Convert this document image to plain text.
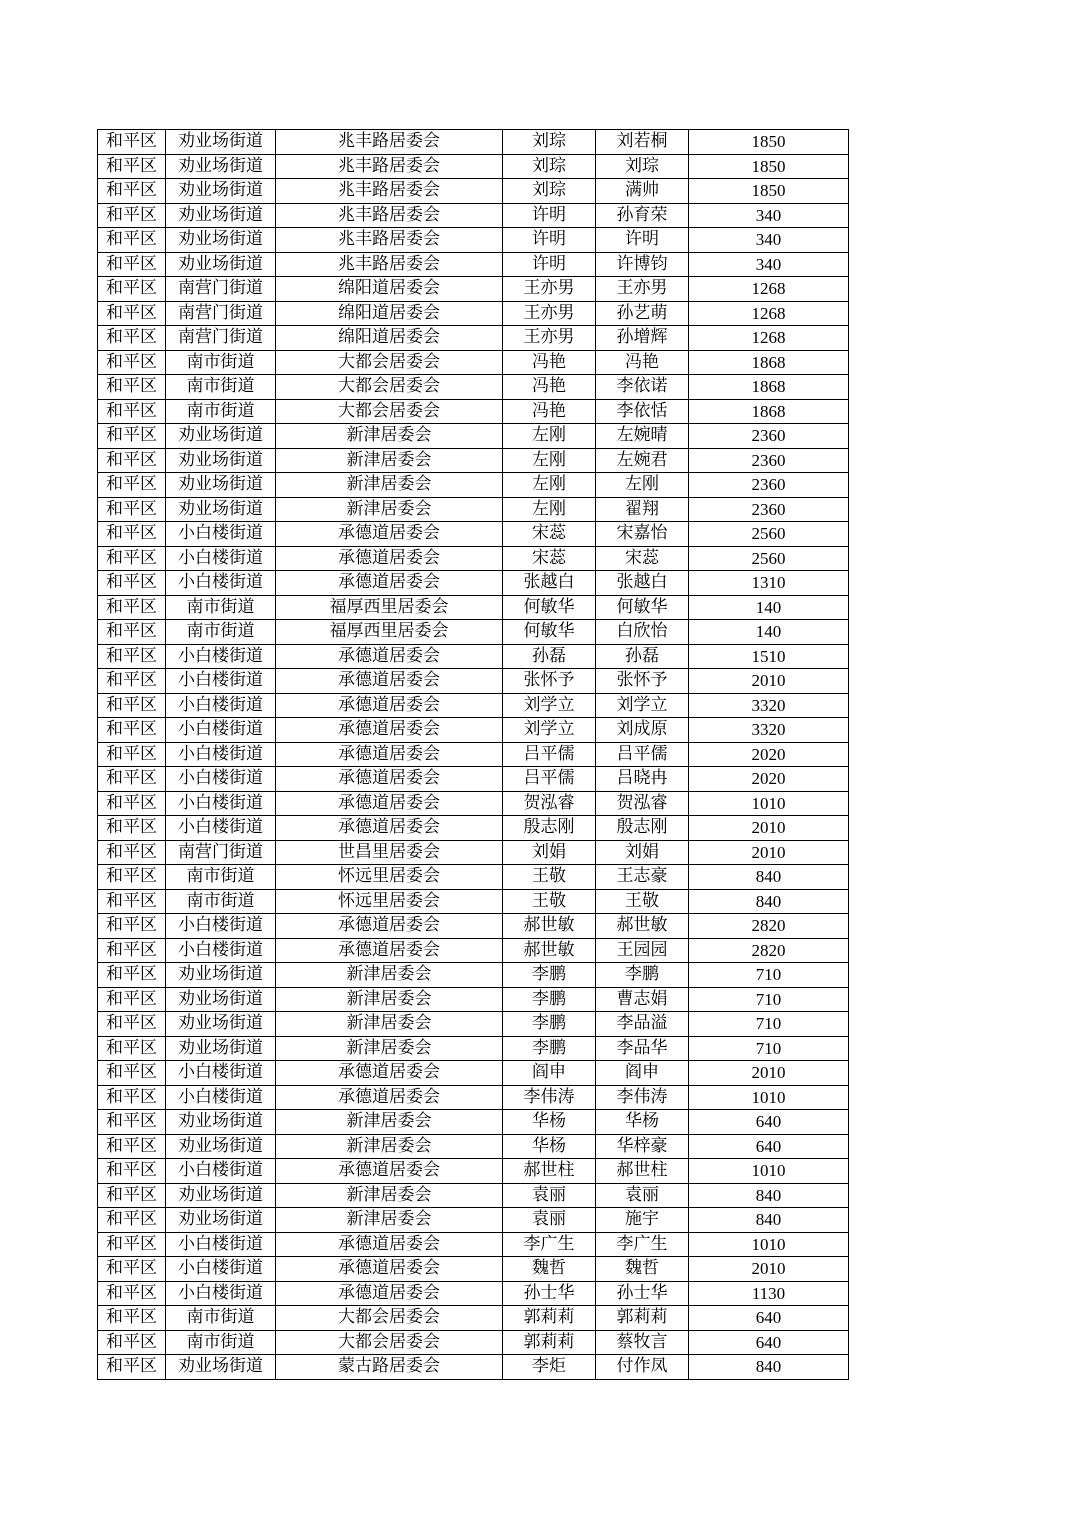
和平区	劝业场街道	兆丰路居委会	刘琮	刘若桐	1850
和平区	劝业场街道	兆丰路居委会	刘琮	刘琮	1850
和平区	劝业场街道	兆丰路居委会	刘琮	满帅	1850
和平区	劝业场街道	兆丰路居委会	许明	孙育荣	340
和平区	劝业场街道	兆丰路居委会	许明	许明	340
和平区	劝业场街道	兆丰路居委会	许明	许博钧	340
和平区	南营门街道	绵阳道居委会	王亦男	王亦男	1268
和平区	南营门街道	绵阳道居委会	王亦男	孙艺萌	1268
和平区	南营门街道	绵阳道居委会	王亦男	孙增辉	1268
和平区	南市街道	大都会居委会	冯艳	冯艳	1868
和平区	南市街道	大都会居委会	冯艳	李依诺	1868
和平区	南市街道	大都会居委会	冯艳	李依恬	1868
和平区	劝业场街道	新津居委会	左刚	左婉晴	2360
和平区	劝业场街道	新津居委会	左刚	左婉君	2360
和平区	劝业场街道	新津居委会	左刚	左刚	2360
和平区	劝业场街道	新津居委会	左刚	翟翔	2360
和平区	小白楼街道	承德道居委会	宋蕊	宋嘉怡	2560
和平区	小白楼街道	承德道居委会	宋蕊	宋蕊	2560
和平区	小白楼街道	承德道居委会	张越白	张越白	1310
和平区	南市街道	福厚西里居委会	何敏华	何敏华	140
和平区	南市街道	福厚西里居委会	何敏华	白欣怡	140
和平区	小白楼街道	承德道居委会	孙磊	孙磊	1510
和平区	小白楼街道	承德道居委会	张怀予	张怀予	2010
和平区	小白楼街道	承德道居委会	刘学立	刘学立	3320
和平区	小白楼街道	承德道居委会	刘学立	刘成原	3320
和平区	小白楼街道	承德道居委会	吕平儒	吕平儒	2020
和平区	小白楼街道	承德道居委会	吕平儒	吕晓冉	2020
和平区	小白楼街道	承德道居委会	贺泓睿	贺泓睿	1010
和平区	小白楼街道	承德道居委会	殷志刚	殷志刚	2010
和平区	南营门街道	世昌里居委会	刘娟	刘娟	2010
和平区	南市街道	怀远里居委会	王敬	王志豪	840
和平区	南市街道	怀远里居委会	王敬	王敬	840
和平区	小白楼街道	承德道居委会	郝世敏	郝世敏	2820
和平区	小白楼街道	承德道居委会	郝世敏	王园园	2820
和平区	劝业场街道	新津居委会	李鹏	李鹏	710
和平区	劝业场街道	新津居委会	李鹏	曹志娟	710
和平区	劝业场街道	新津居委会	李鹏	李品溢	710
和平区	劝业场街道	新津居委会	李鹏	李品华	710
和平区	小白楼街道	承德道居委会	阎申	阎申	2010
和平区	小白楼街道	承德道居委会	李伟涛	李伟涛	1010
和平区	劝业场街道	新津居委会	华杨	华杨	640
和平区	劝业场街道	新津居委会	华杨	华梓豪	640
和平区	小白楼街道	承德道居委会	郝世柱	郝世柱	1010
和平区	劝业场街道	新津居委会	袁丽	袁丽	840
和平区	劝业场街道	新津居委会	袁丽	施宇	840
和平区	小白楼街道	承德道居委会	李广生	李广生	1010
和平区	小白楼街道	承德道居委会	魏哲	魏哲	2010
和平区	小白楼街道	承德道居委会	孙士华	孙士华	1130
和平区	南市街道	大都会居委会	郭莉莉	郭莉莉	640
和平区	南市街道	大都会居委会	郭莉莉	蔡牧言	640
和平区	劝业场街道	蒙古路居委会	李炬	付作凤	840
